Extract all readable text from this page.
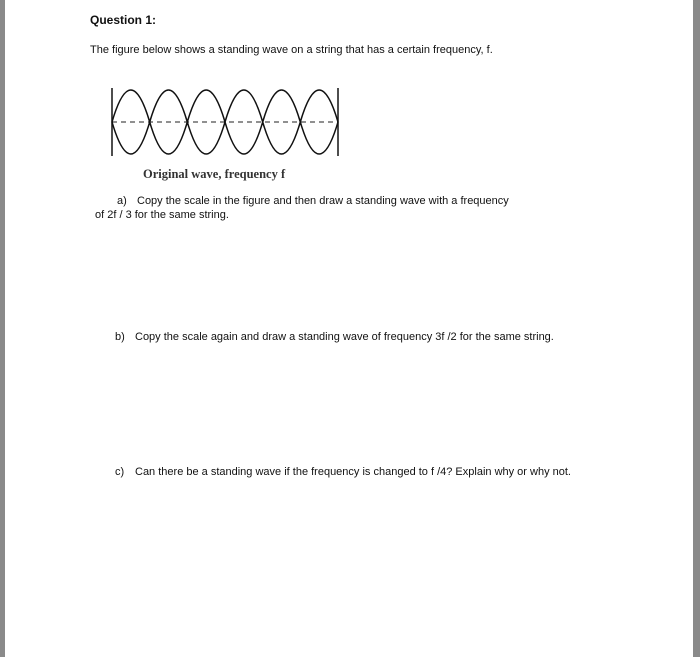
Question 1:
The figure below shows a standing wave on a string that has a certain frequency, f.
Original wave, frequency f
a) Copy the scale in the figure and then draw a standing wave with a frequency
of 2f / 3 for the same string.
b) Copy the scale again and draw a standing wave of frequency 3f /2 for the same string.
c) Can there be a standing wave if the frequency is changed to f /4? Explain why or why not.
